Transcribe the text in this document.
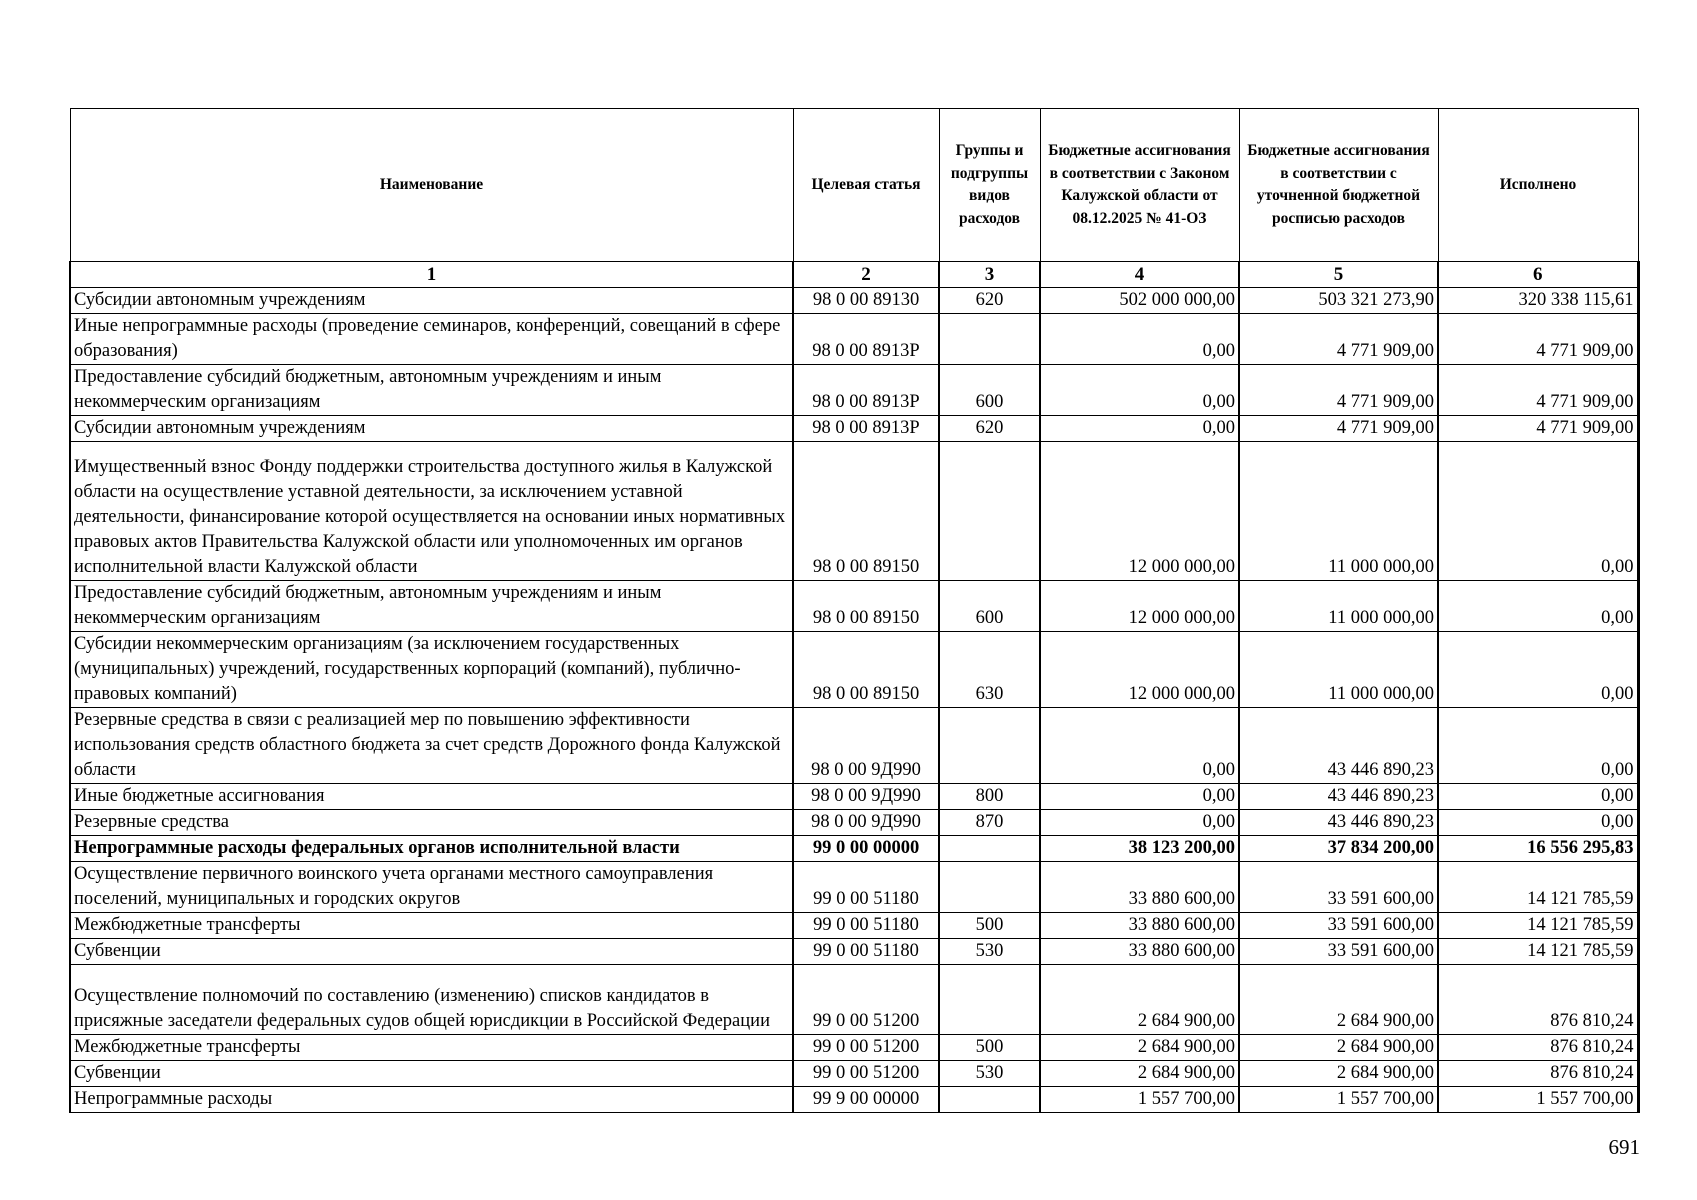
Наименование	Целевая статья	Группы и подгруппы видов расходов	Бюджетные ассигнования в соответствии с Законом Калужской области от 08.12.2025 № 41-ОЗ	Бюджетные ассигнования в соответствии с уточненной бюджетной росписью расходов	Исполнено
1	2	3	4	5	6
Субсидии автономным учреждениям	98 0 00 89130	620	502 000 000,00	503 321 273,90	320 338 115,61
Иные непрограммные расходы (проведение семинаров, конференций, совещаний в сфере образования)	98 0 00 8913Р		0,00	4 771 909,00	4 771 909,00
Предоставление субсидий бюджетным, автономным учреждениям и иным некоммерческим организациям	98 0 00 8913Р	600	0,00	4 771 909,00	4 771 909,00
Субсидии автономным учреждениям	98 0 00 8913Р	620	0,00	4 771 909,00	4 771 909,00
Имущественный взнос Фонду поддержки строительства доступного жилья в Калужской области на осуществление уставной деятельности, за исключением уставной деятельности, финансирование которой осуществляется на основании иных нормативных правовых актов Правительства Калужской области или уполномоченных им органов исполнительной власти Калужской области	98 0 00 89150		12 000 000,00	11 000 000,00	0,00
Предоставление субсидий бюджетным, автономным учреждениям и иным некоммерческим организациям	98 0 00 89150	600	12 000 000,00	11 000 000,00	0,00
Субсидии некоммерческим организациям (за исключением государственных (муниципальных) учреждений, государственных корпораций (компаний), публично-правовых компаний)	98 0 00 89150	630	12 000 000,00	11 000 000,00	0,00
Резервные средства в связи с реализацией мер по повышению эффективности использования средств областного бюджета за счет средств Дорожного фонда Калужской области	98 0 00 9Д990		0,00	43 446 890,23	0,00
Иные бюджетные ассигнования	98 0 00 9Д990	800	0,00	43 446 890,23	0,00
Резервные средства	98 0 00 9Д990	870	0,00	43 446 890,23	0,00
Непрограммные расходы федеральных органов исполнительной власти	99 0 00 00000		38 123 200,00	37 834 200,00	16 556 295,83
Осуществление первичного воинского учета органами местного самоуправления поселений, муниципальных и городских округов	99 0 00 51180		33 880 600,00	33 591 600,00	14 121 785,59
Межбюджетные трансферты	99 0 00 51180	500	33 880 600,00	33 591 600,00	14 121 785,59
Субвенции	99 0 00 51180	530	33 880 600,00	33 591 600,00	14 121 785,59
Осуществление полномочий по составлению (изменению) списков кандидатов в присяжные заседатели федеральных судов общей юрисдикции в Российской Федерации	99 0 00 51200		2 684 900,00	2 684 900,00	876 810,24
Межбюджетные трансферты	99 0 00 51200	500	2 684 900,00	2 684 900,00	876 810,24
Субвенции	99 0 00 51200	530	2 684 900,00	2 684 900,00	876 810,24
Непрограммные расходы	99 9 00 00000		1 557 700,00	1 557 700,00	1 557 700,00
691
